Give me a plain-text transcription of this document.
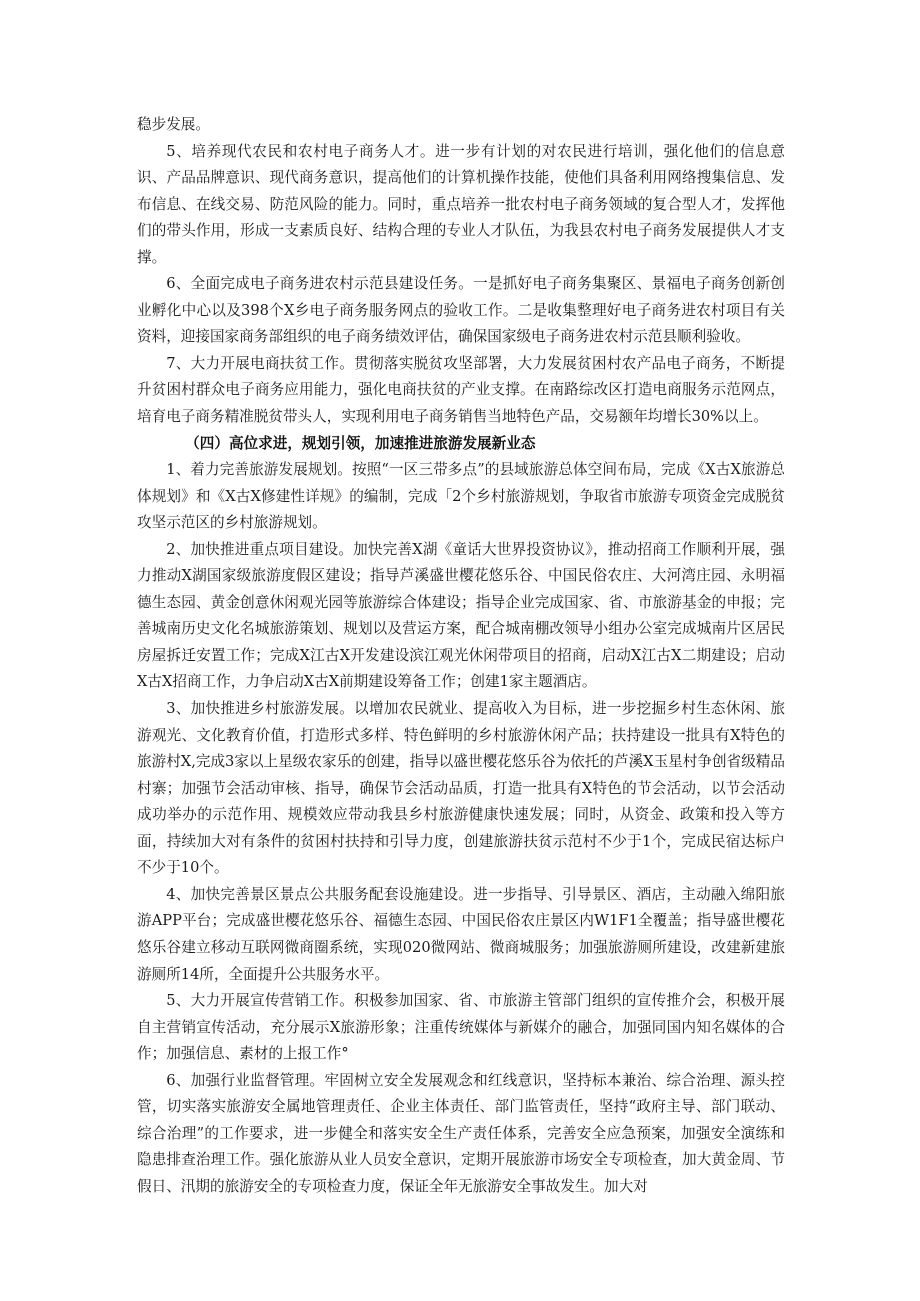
稳步发展。

5、培养现代农民和农村电子商务人才。进一步有计划的对农民进行培训，强化他们的信息意识、产品品牌意识、现代商务意识，提高他们的计算机操作技能，使他们具备利用网络搜集信息、发布信息、在线交易、防范风险的能力。同时，重点培养一批农村电子商务领域的复合型人才，发挥他们的带头作用，形成一支素质良好、结构合理的专业人才队伍，为我县农村电子商务发展提供人才支撑。

6、全面完成电子商务进农村示范县建设任务。一是抓好电子商务集聚区、景福电子商务创新创业孵化中心以及398个X乡电子商务服务网点的验收工作。二是收集整理好电子商务进农村项目有关资料，迎接国家商务部组织的电子商务绩效评估，确保国家级电子商务进农村示范县顺利验收。

7、大力开展电商扶贫工作。贯彻落实脱贫攻坚部署，大力发展贫困村农产品电子商务，不断提升贫困村群众电子商务应用能力，强化电商扶贫的产业支撑。在南路综改区打造电商服务示范网点，培育电子商务精准脱贫带头人，实现利用电子商务销售当地特色产品，交易额年均增长30%以上。

（四）高位求进，规划引领，加速推进旅游发展新业态

1、着力完善旅游发展规划。按照“一区三带多点”的县域旅游总体空间布局，完成《X古X旅游总体规划》和《X古X修建性详规》的编制，完成「2个乡村旅游规划，争取省市旅游专项资金完成脱贫攻坚示范区的乡村旅游规划。

2、加快推进重点项目建设。加快完善X湖《童话大世界投资协议》，推动招商工作顺利开展，强力推动X湖国家级旅游度假区建设；指导芦溪盛世樱花悠乐谷、中国民俗农庄、大河湾庄园、永明福德生态园、黄金创意休闲观光园等旅游综合体建设；指导企业完成国家、省、市旅游基金的申报；完善城南历史文化名城旅游策划、规划以及营运方案，配合城南棚改领导小组办公室完成城南片区居民房屋拆迁安置工作；完成X江古X开发建设滨江观光休闲带项目的招商，启动X江古X二期建设；启动X古X招商工作，力争启动X古X前期建设筹备工作；创建1家主题酒店。

3、加快推进乡村旅游发展。以增加农民就业、提高收入为目标，进一步挖掘乡村生态休闲、旅游观光、文化教育价值，打造形式多样、特色鲜明的乡村旅游休闲产品；扶持建设一批具有X特色的旅游村X,完成3家以上星级农家乐的创建，指导以盛世樱花悠乐谷为依托的芦溪X玉星村争创省级精品村寨；加强节会活动审核、指导，确保节会活动品质，打造一批具有X特色的节会活动，以节会活动成功举办的示范作用、规模效应带动我县乡村旅游健康快速发展；同时，从资金、政策和投入等方面，持续加大对有条件的贫困村扶持和引导力度，创建旅游扶贫示范村不少于1个，完成民宿达标户不少于10个。

4、加快完善景区景点公共服务配套设施建设。进一步指导、引导景区、酒店，主动融入绵阳旅游APP平台；完成盛世樱花悠乐谷、福德生态园、中国民俗农庄景区内W1F1全覆盖；指导盛世樱花悠乐谷建立移动互联网微商圈系统，实现020微网站、微商城服务；加强旅游厕所建设，改建新建旅游厕所14所，全面提升公共服务水平。

5、大力开展宣传营销工作。积极参加国家、省、市旅游主管部门组织的宣传推介会，积极开展自主营销宣传活动，充分展示X旅游形象；注重传统媒体与新媒介的融合，加强同国内知名媒体的合作；加强信息、素材的上报工作°

6、加强行业监督管理。牢固树立安全发展观念和红线意识，坚持标本兼治、综合治理、源头控管，切实落实旅游安全属地管理责任、企业主体责任、部门监管责任，坚持“政府主导、部门联动、综合治理”的工作要求，进一步健全和落实安全生产责任体系，完善安全应急预案，加强安全演练和隐患排查治理工作。强化旅游从业人员安全意识，定期开展旅游市场安全专项检查，加大黄金周、节假日、汛期的旅游安全的专项检查力度，保证全年无旅游安全事故发生。加大对
